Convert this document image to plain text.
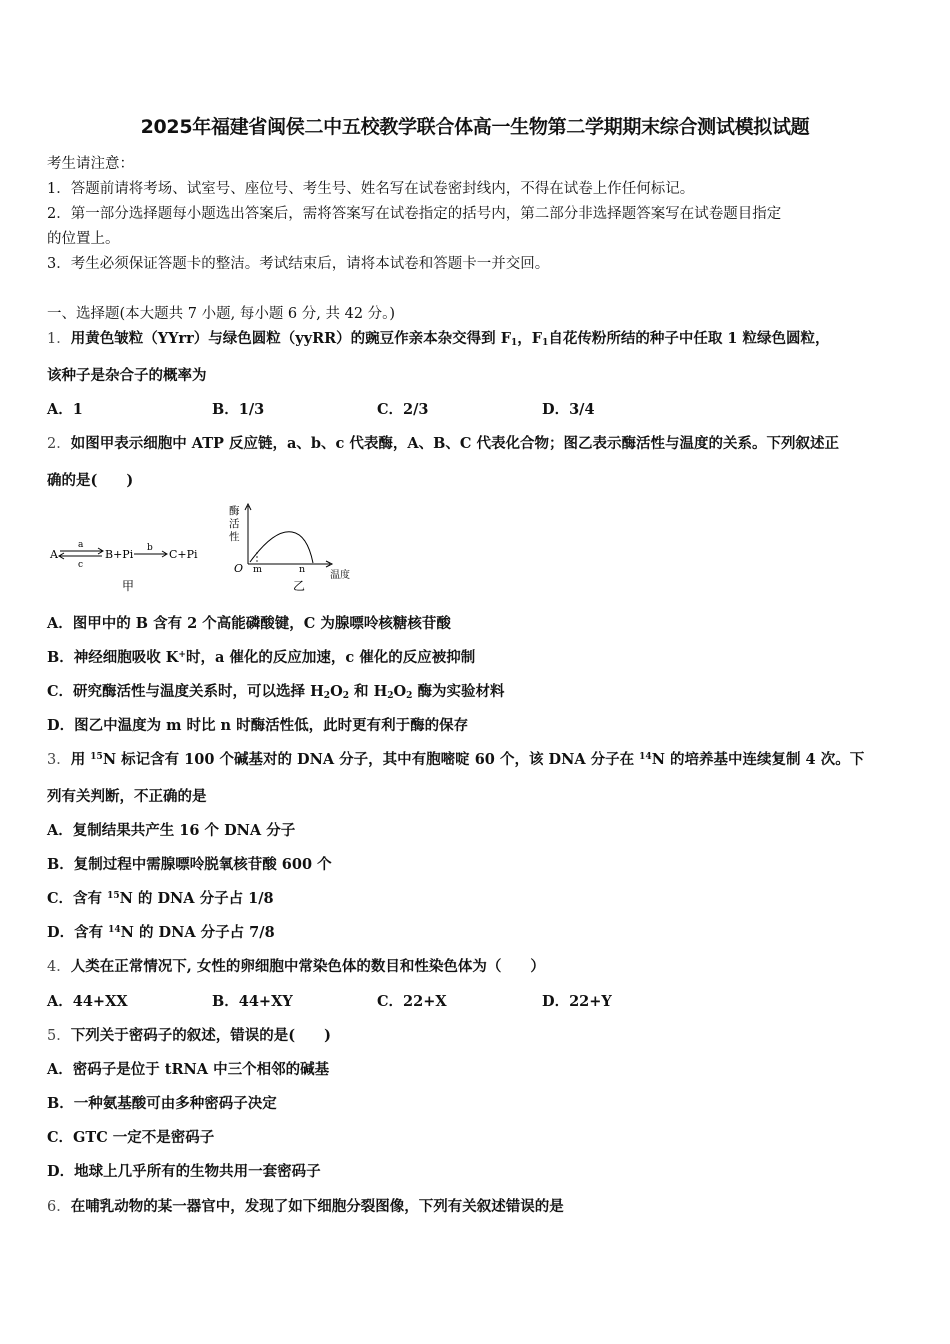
2025年福建省闽侯二中五校教学联合体高一生物第二学期期末综合测试模拟试题
考生请注意：
1．答题前请将考场、试室号、座位号、考生号、姓名写在试卷密封线内，不得在试卷上作任何标记。
2．第一部分选择题每小题选出答案后，需将答案写在试卷指定的括号内，第二部分非选择题答案写在试卷题目指定
的位置上。
3．考生必须保证答题卡的整洁。考试结束后，请将本试卷和答题卡一并交回。
一、选择题(本大题共 7 小题, 每小题 6 分, 共 42 分。)
1．用黄色皱粒（YYrr）与绿色圆粒（yyRR）的豌豆作亲本杂交得到 $F_1$，$F_1$自花传粉所结的种子中任取 1 粒绿色圆粒，
该种子是杂合子的概率为
A．1	B．1/3	C．2/3	D．3/4
2．如图甲表示细胞中 ATP 反应链，a、b、c 代表酶，A、B、C 代表化合物；图乙表示酶活性与温度的关系。下列叙述正
确的是(　　)
A
a
c
B+Pi b C+Pi
甲
酶
活
性
O m	n
温度
乙
A．图甲中的 B 含有 2 个高能磷酸键，C 为腺嘌呤核糖核苷酸
B．神经细胞吸收 K+时，a 催化的反应加速，c 催化的反应被抑制
C．研究酶活性与温度关系时，可以选择 $H_2O_2$ 和 $H_2O_2$ 酶为实验材料
D．图乙中温度为 m 时比 n 时酶活性低，此时更有利于酶的保存
3．用 $^{15}$N 标记含有 100 个碱基对的 DNA 分子，其中有胞嘧啶 60 个，该 DNA 分子在 $^{14}$N 的培养基中连续复制 4 次。下
列有关判断，不正确的是
A．复制结果共产生 16 个 DNA 分子
B．复制过程中需腺嘌呤脱氧核苷酸 600 个
C．含有 $^{15}$N 的 DNA 分子占 1/8
D．含有 $^{14}$N 的 DNA 分子占 7/8
4．人类在正常情况下, 女性的卵细胞中常染色体的数目和性染色体为（　　）
A．44+XX	B．44+XY	C．22+X	D．22+Y
5．下列关于密码子的叙述，错误的是(　　)
A．密码子是位于 tRNA 中三个相邻的碱基
B．一种氨基酸可由多种密码子决定
C．GTC 一定不是密码子
D．地球上几乎所有的生物共用一套密码子
6．在哺乳动物的某一器官中，发现了如下细胞分裂图像，下列有关叙述错误的是
